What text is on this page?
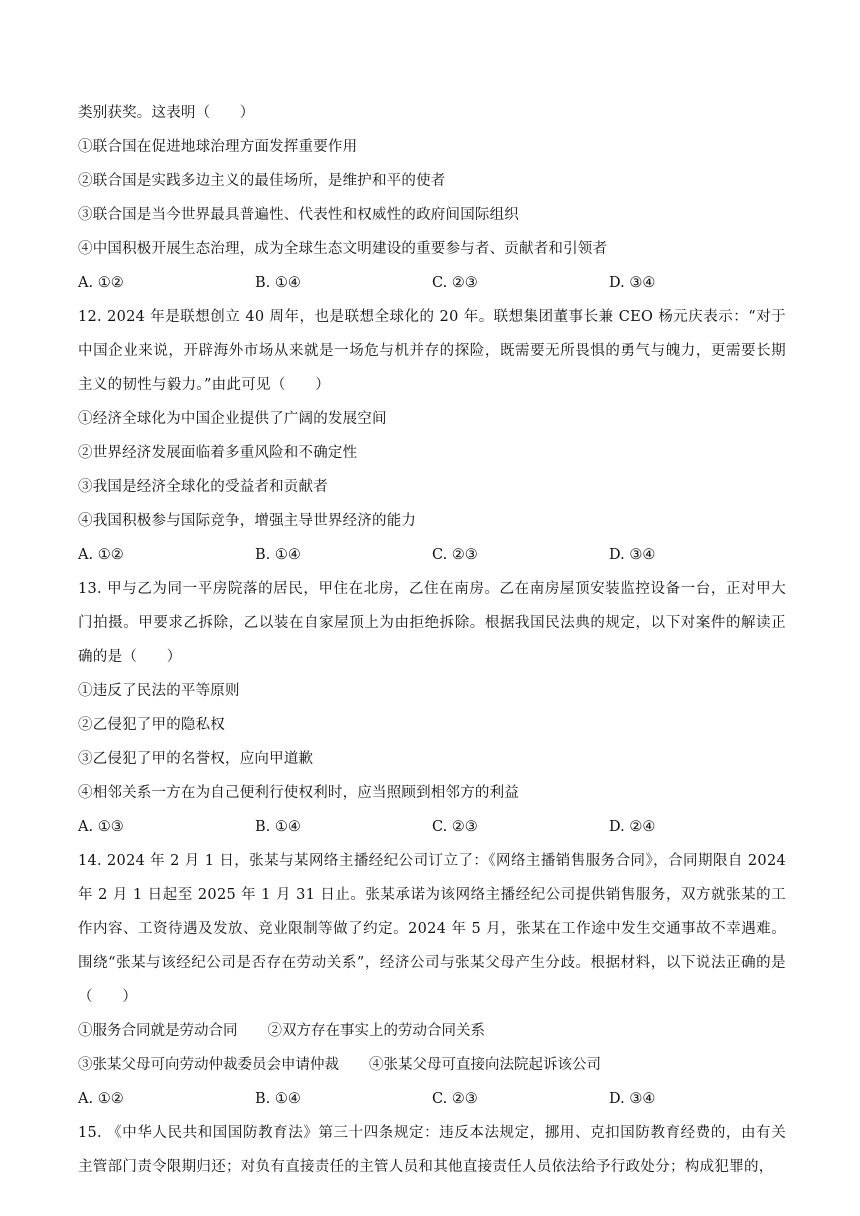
类别获奖。这表明（　　）
①联合国在促进地球治理方面发挥重要作用
②联合国是实践多边主义的最佳场所，是维护和平的使者
③联合国是当今世界最具普遍性、代表性和权威性的政府间国际组织
④中国积极开展生态治理，成为全球生态文明建设的重要参与者、贡献者和引领者
A. ①②	B. ①④	C. ②③	D. ③④
12. 2024 年是联想创立 40 周年，也是联想全球化的 20 年。联想集团董事长兼 CEO 杨元庆表示：“对于中国企业来说，开辟海外市场从来就是一场危与机并存的探险，既需要无所畏惧的勇气与魄力，更需要长期主义的韧性与毅力。”由此可见（　　）
①经济全球化为中国企业提供了广阔的发展空间
②世界经济发展面临着多重风险和不确定性
③我国是经济全球化的受益者和贡献者
④我国积极参与国际竞争，增强主导世界经济的能力
A. ①②	B. ①④	C. ②③	D. ③④
13. 甲与乙为同一平房院落的居民，甲住在北房，乙住在南房。乙在南房屋顶安装监控设备一台，正对甲大门拍摄。甲要求乙拆除，乙以装在自家屋顶上为由拒绝拆除。根据我国民法典的规定，以下对案件的解读正确的是（　　）
①违反了民法的平等原则
②乙侵犯了甲的隐私权
③乙侵犯了甲的名誉权，应向甲道歉
④相邻关系一方在为自己便利行使权利时，应当照顾到相邻方的利益
A. ①③	B. ①④	C. ②③	D. ②④
14. 2024 年 2 月 1 日，张某与某网络主播经纪公司订立了：《网络主播销售服务合同》，合同期限自 2024 年 2 月 1 日起至 2025 年 1 月 31 日止。张某承诺为该网络主播经纪公司提供销售服务，双方就张某的工作内容、工资待遇及发放、竞业限制等做了约定。2024 年 5 月，张某在工作途中发生交通事故不幸遇难。围绕“张某与该经纪公司是否存在劳动关系”，经济公司与张某父母产生分歧。根据材料，以下说法正确的是（　　）
①服务合同就是劳动合同 ②双方存在事实上的劳动合同关系
③张某父母可向劳动仲裁委员会申请仲裁 ④张某父母可直接向法院起诉该公司
A. ①②	B. ①④	C. ②③	D. ③④
15. 《中华人民共和国国防教育法》第三十四条规定：违反本法规定，挪用、克扣国防教育经费的，由有关主管部门责令限期归还；对负有直接责任的主管人员和其他直接责任人员依法给予行政处分；构成犯罪的，
